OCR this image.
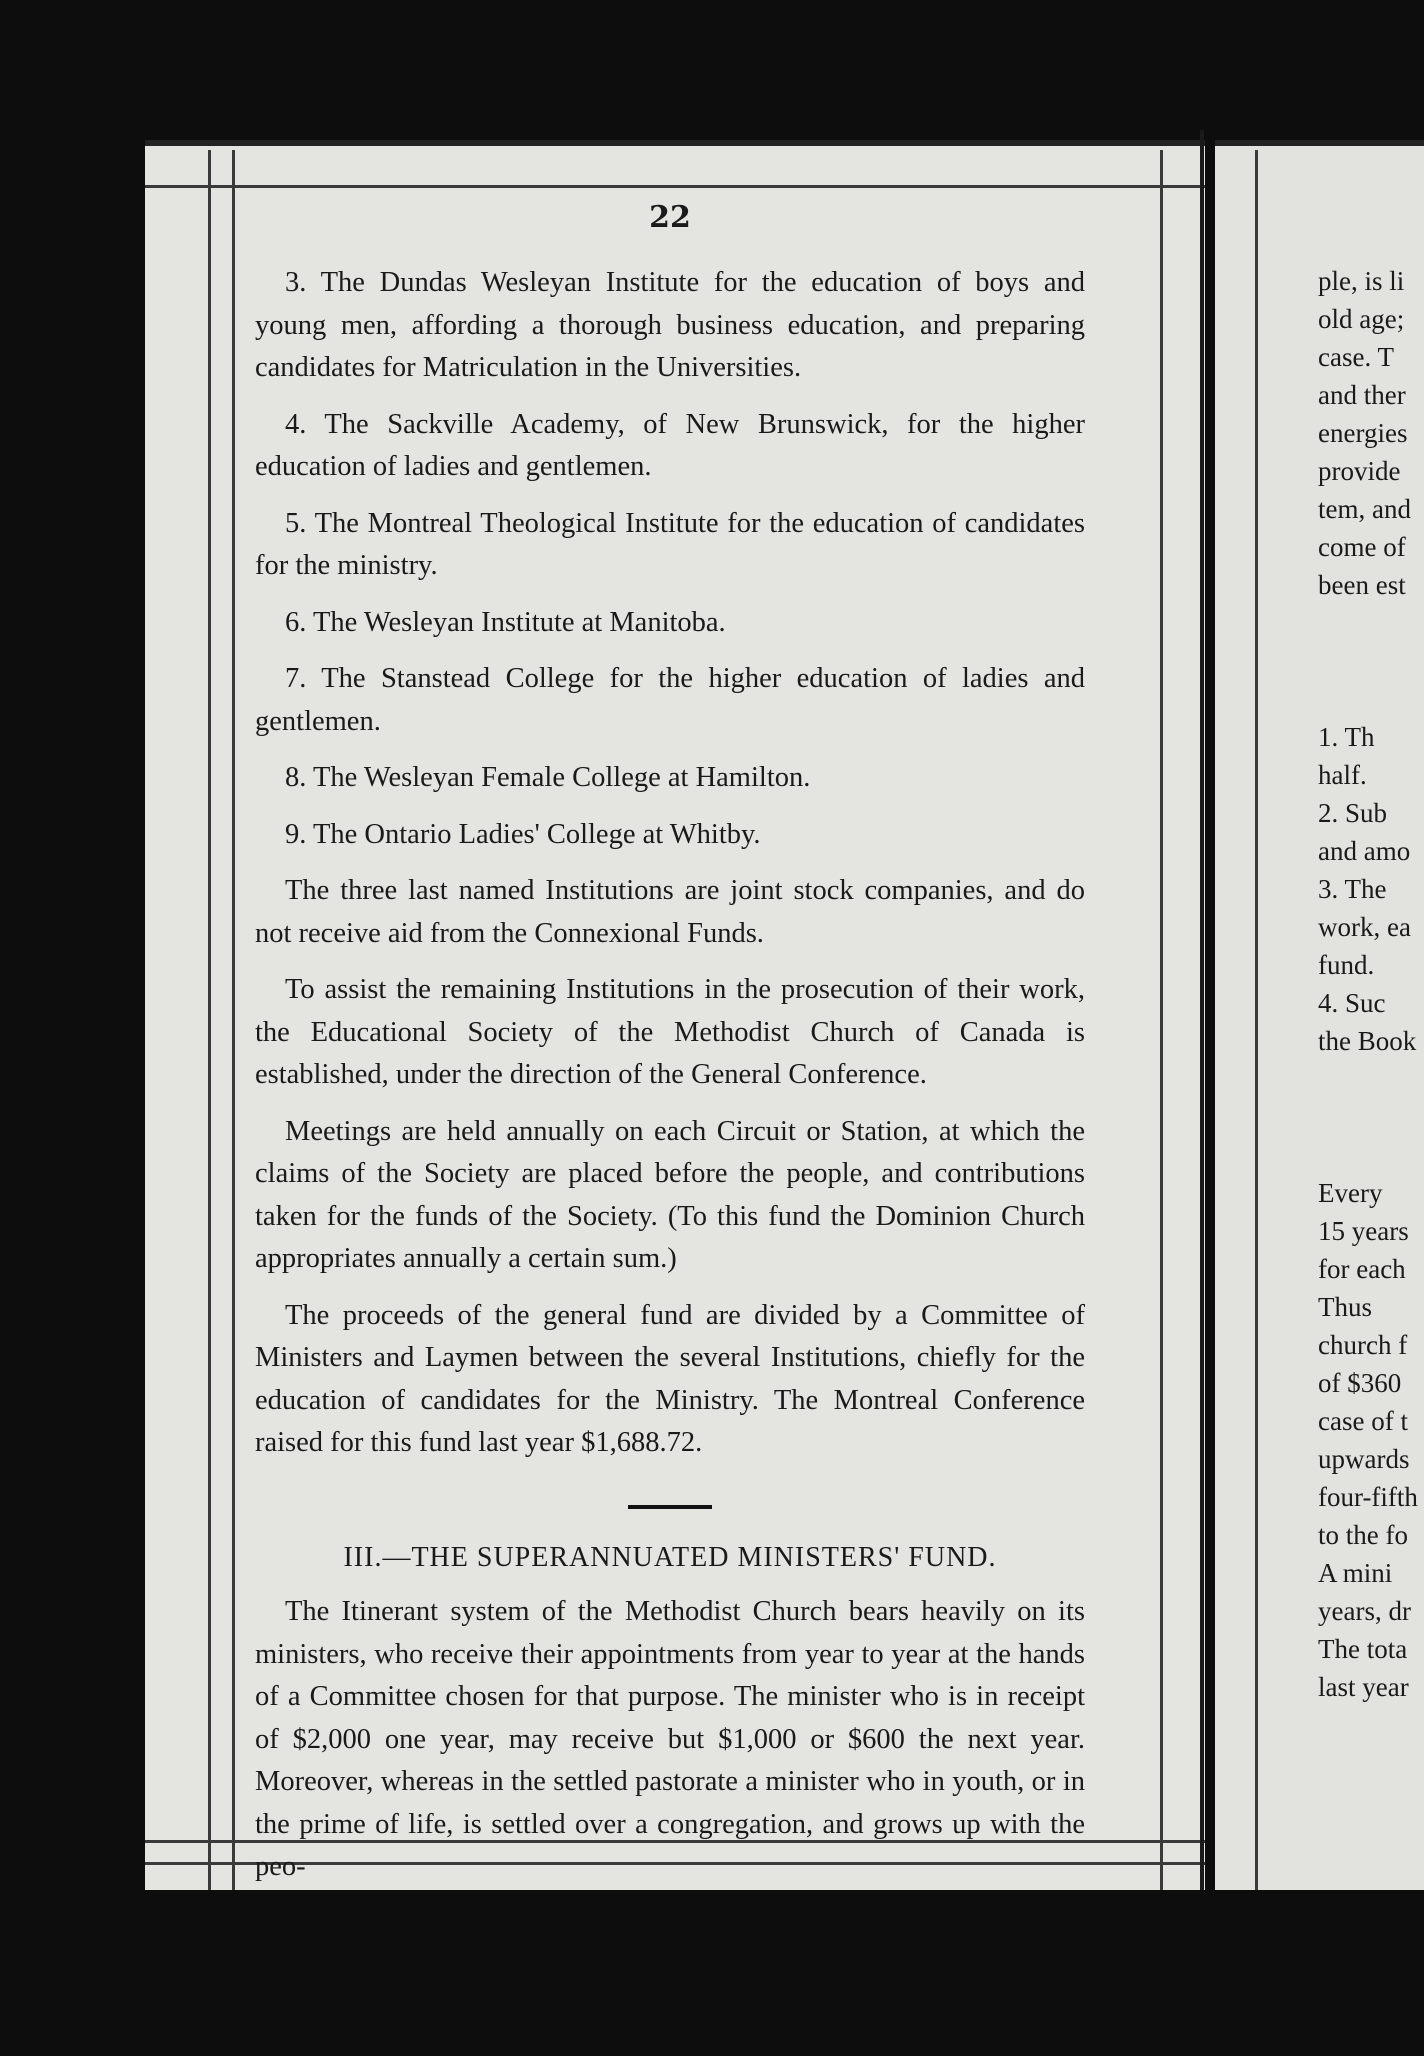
22

3. The Dundas Wesleyan Institute for the education of boys and young men, affording a thorough business education, and preparing candidates for Matriculation in the Universities.

4. The Sackville Academy, of New Brunswick, for the higher education of ladies and gentlemen.

5. The Montreal Theological Institute for the education of candidates for the ministry.

6. The Wesleyan Institute at Manitoba.

7. The Stanstead College for the higher education of ladies and gentlemen.

8. The Wesleyan Female College at Hamilton.

9. The Ontario Ladies' College at Whitby.

The three last named Institutions are joint stock companies, and do not receive aid from the Connexional Funds.

To assist the remaining Institutions in the prosecution of their work, the Educational Society of the Methodist Church of Canada is established, under the direction of the General Conference.

Meetings are held annually on each Circuit or Station, at which the claims of the Society are placed before the people, and contributions taken for the funds of the Society. (To this fund the Dominion Church appropriates annually a certain sum.)

The proceeds of the general fund are divided by a Committee of Ministers and Laymen between the several Institutions, chiefly for the education of candidates for the Ministry. The Montreal Conference raised for this fund last year $1,688.72.

III.—THE SUPERANNUATED MINISTERS' FUND.

The Itinerant system of the Methodist Church bears heavily on its ministers, who receive their appointments from year to year at the hands of a Committee chosen for that purpose. The minister who is in receipt of $2,000 one year, may receive but $1,000 or $600 the next year. Moreover, whereas in the settled pastorate a minister who in youth, or in the prime of life, is settled over a congregation, and grows up with the peo-

ple, is li
old age;
case. T
and ther
energies
provide
tem, and
come of
been est
1. Th
half.
2. Sub
and amo
3. The
work, ea
fund.
4. Suc
the Book
Every
15 years
for each
Thus
church f
of $360
case of t
upwards
four-fifth
to the fo
A mini
years, dr
The tota
last year
